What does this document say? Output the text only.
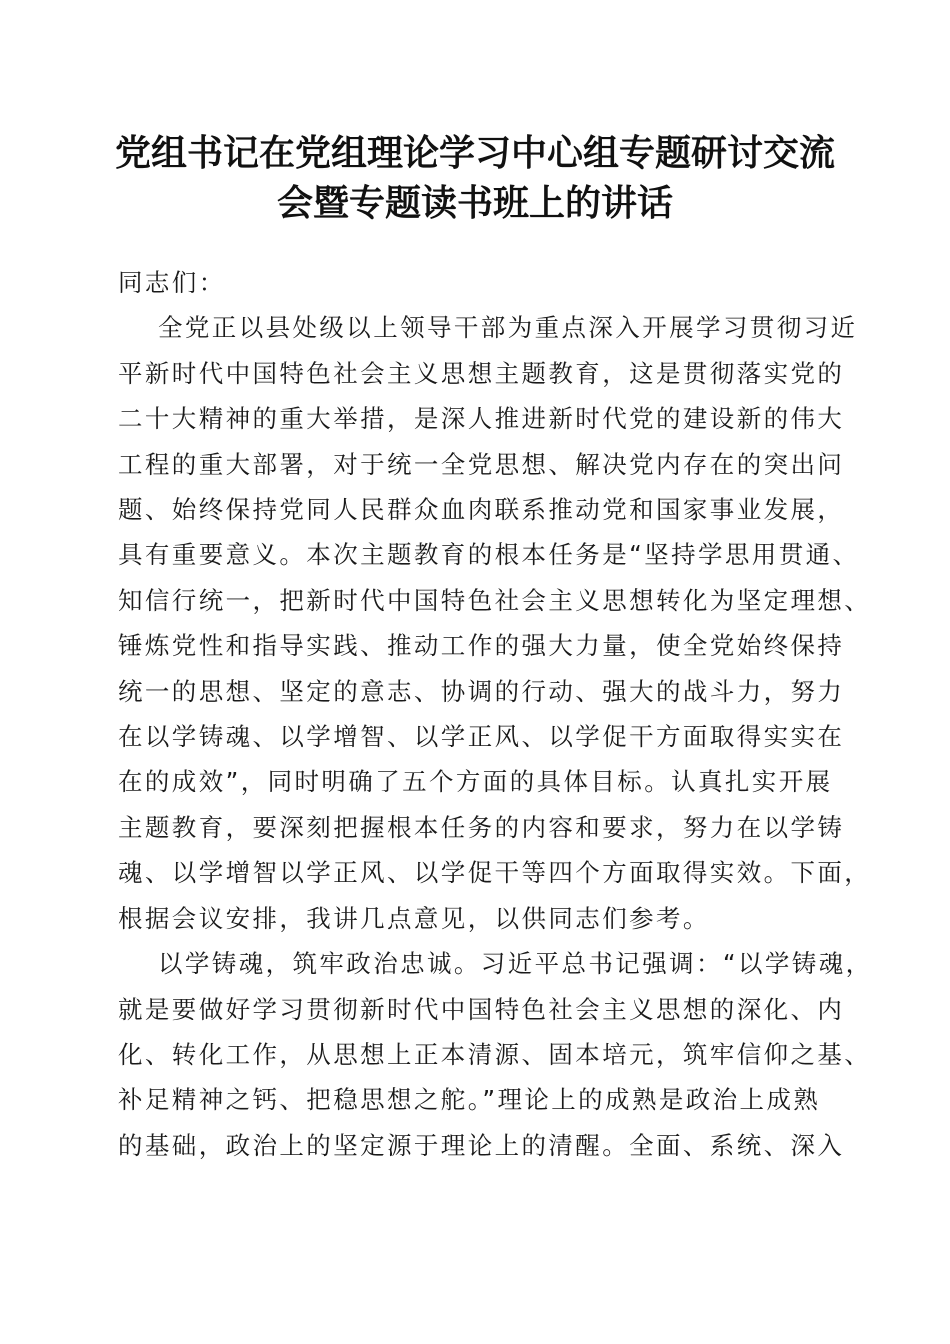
党组书记在党组理论学习中心组专题研讨交流
会暨专题读书班上的讲话

同志们：

全党正以县处级以上领导干部为重点深入开展学习贯彻习近
平新时代中国特色社会主义思想主题教育，这是贯彻落实党的
二十大精神的重大举措，是深人推进新时代党的建设新的伟大
工程的重大部署，对于统一全党思想、解决党内存在的突出问
题、始终保持党同人民群众血肉联系推动党和国家事业发展，
具有重要意义。本次主题教育的根本任务是“坚持学思用贯通、
知信行统一，把新时代中国特色社会主义思想转化为坚定理想、
锤炼党性和指导实践、推动工作的强大力量，使全党始终保持
统一的思想、坚定的意志、协调的行动、强大的战斗力，努力
在以学铸魂、以学增智、以学正风、以学促干方面取得实实在
在的成效”，同时明确了五个方面的具体目标。认真扎实开展
主题教育，要深刻把握根本任务的内容和要求，努力在以学铸
魂、以学增智以学正风、以学促干等四个方面取得实效。下面，
根据会议安排，我讲几点意见，以供同志们参考。

以学铸魂，筑牢政治忠诚。习近平总书记强调：“以学铸魂，
就是要做好学习贯彻新时代中国特色社会主义思想的深化、内
化、转化工作，从思想上正本清源、固本培元，筑牢信仰之基、
补足精神之钙、把稳思想之舵。”理论上的成熟是政治上成熟
的基础，政治上的坚定源于理论上的清醒。全面、系统、深入
